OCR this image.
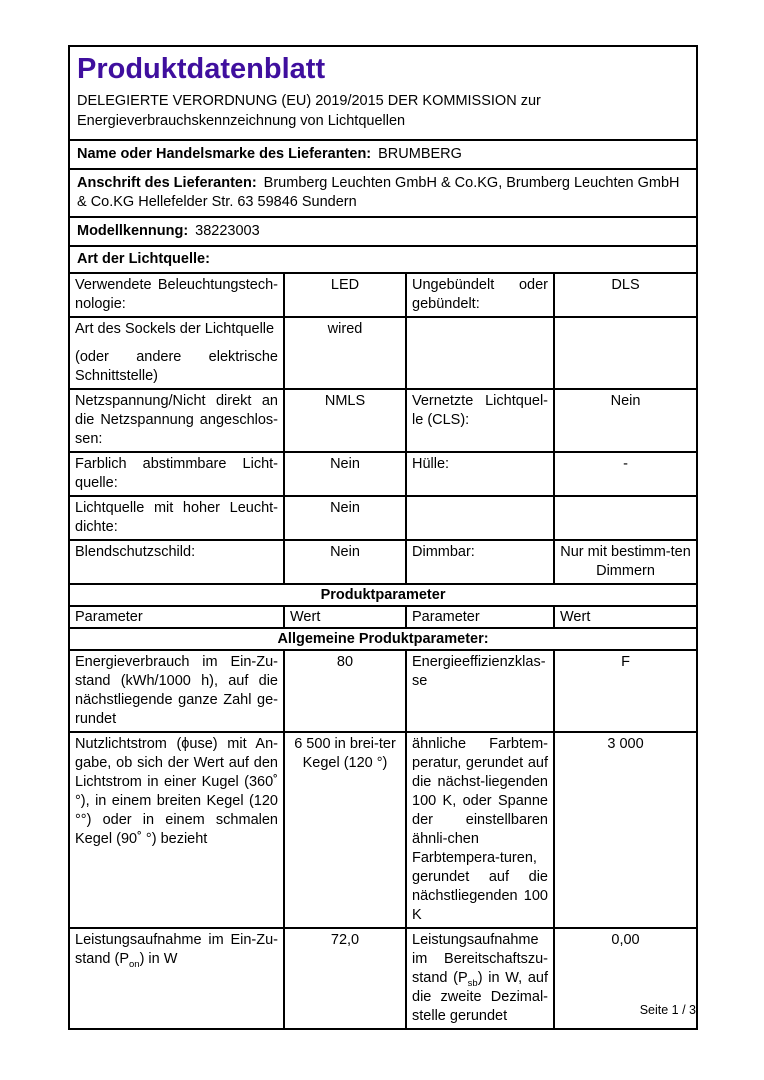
Produktdatenblatt
DELEGIERTE VERORDNUNG (EU) 2019/2015 DER KOMMISSION zur Energieverbrauchskennzeichnung von Lichtquellen			

Name oder Handelsmarke des Lieferanten: BRUMBERG			
Anschrift des Lieferanten: Brumberg Leuchten GmbH & Co.KG, Brumberg Leuchten GmbH & Co.KG Hellefelder Str. 63 59846 Sundern			
Modellkennung: 38223003			
Art der Lichtquelle:			
Verwendete Beleuchtungstech-nologie:	LED	Ungebündelt oder gebündelt:	DLS

Art des Sockels der Lichtquelle

(oder andere elektrische Schnittstelle)	wired		
Netzspannung/Nicht direkt an die Netzspannung angeschlos-sen:	NMLS	Vernetzte Lichtquel-le (CLS):	Nein
Farblich abstimmbare Licht-quelle:	Nein	Hülle:	-
Lichtquelle mit hoher Leucht-dichte:	Nein		
Blendschutzschild:	Nein	Dimmbar:	Nur mit bestimm-ten Dimmern
Produktparameter			
Parameter	Wert	Parameter	Wert
Allgemeine Produktparameter:			
Energieverbrauch im Ein-Zu-stand (kWh/1000 h), auf die nächstliegende ganze Zahl ge-rundet	80	Energieeffizienzklas-se	F
Nutzlichtstrom (ϕuse) mit An-gabe, ob sich der Wert auf den Lichtstrom in einer Kugel (360˚ °), in einem breiten Kegel (120 °°) oder in einem schmalen Kegel (90˚ °) bezieht	6 500 in brei-ter Kegel (120 °)	ähnliche Farbtem-peratur, gerundet auf die nächst-liegenden 100 K, oder Spanne der einstellbaren ähnli-chen Farbtempera-turen, gerundet auf die nächstliegenden 100 K	3 000
Leistungsaufnahme im Ein-Zu-stand $(P_{on})$ in W	72,0	Leistungsaufnahme im Bereitschaftszu-stand $(P_{sb})$ in W, auf die zweite Dezimal-stelle gerundet	0,00
Seite 1 / 3
